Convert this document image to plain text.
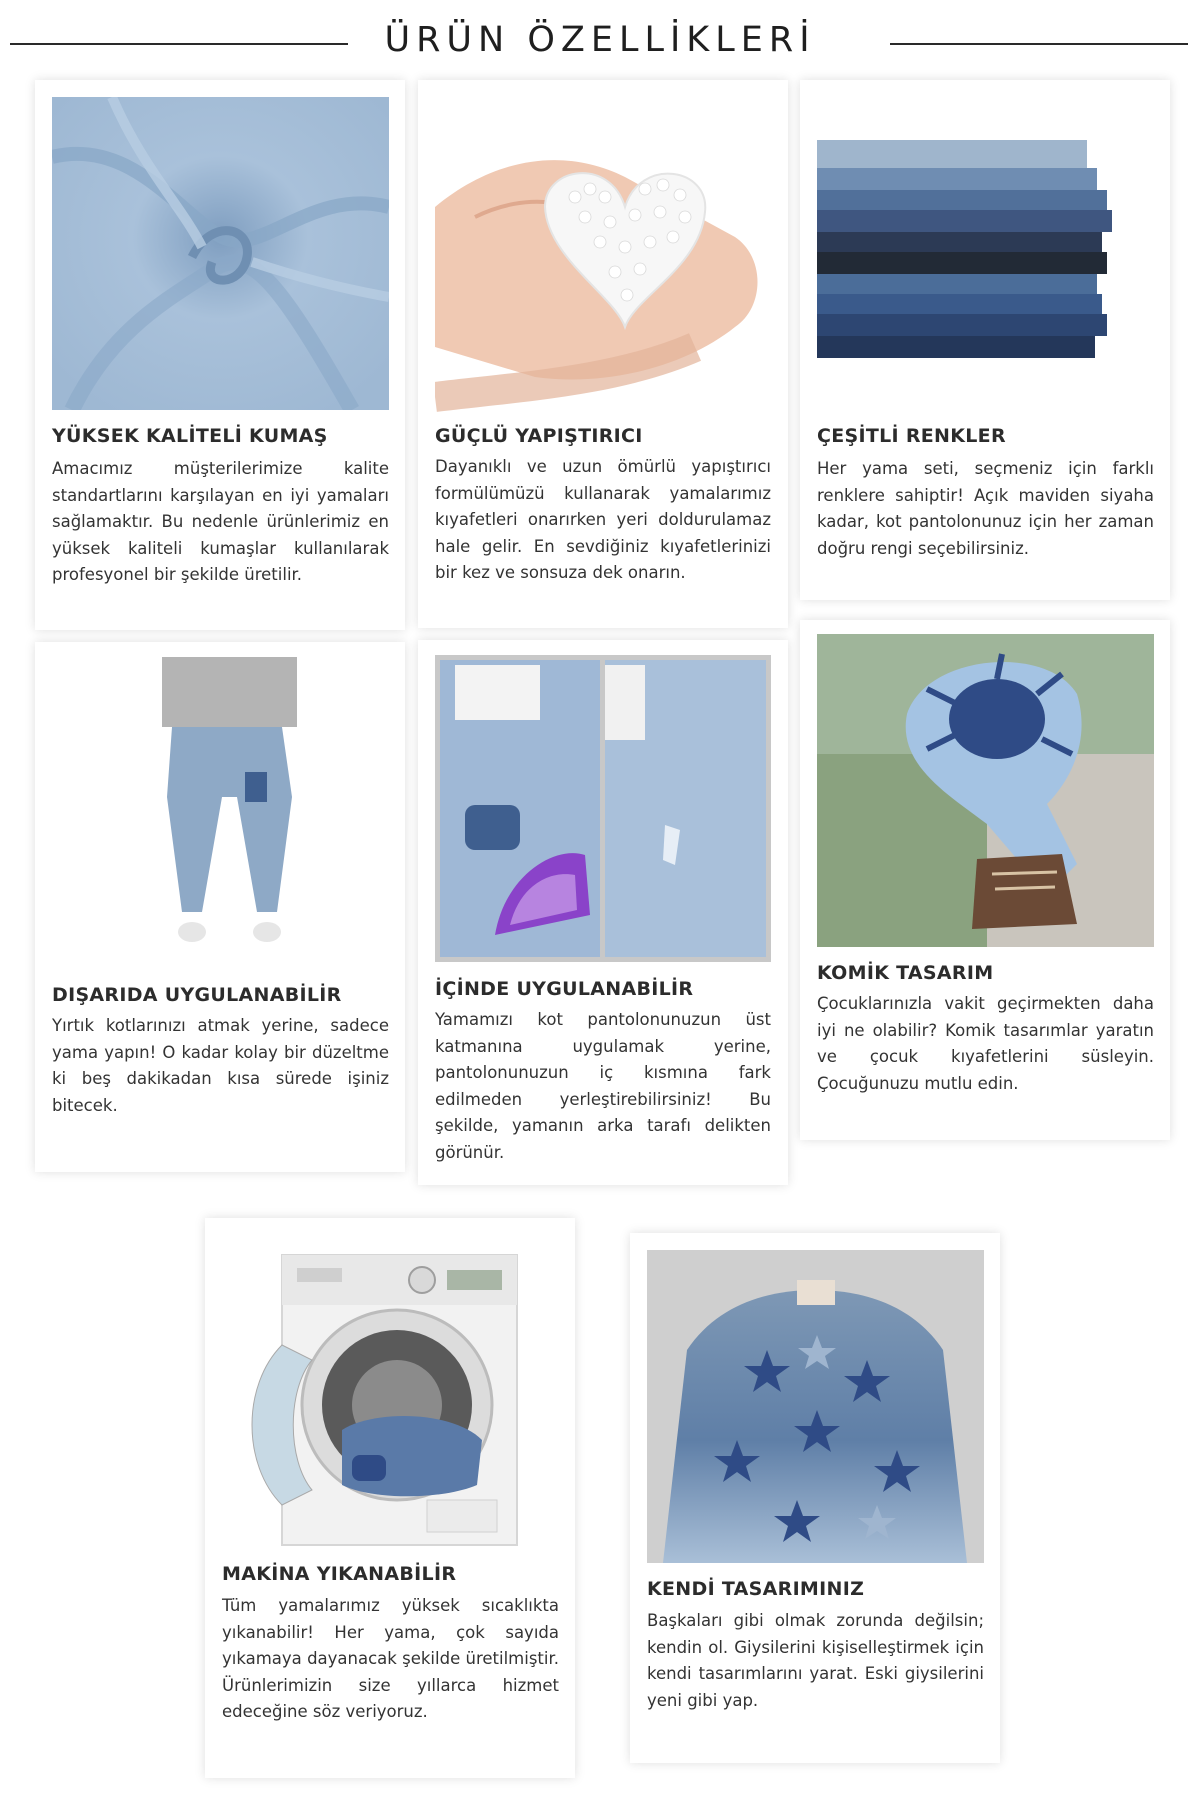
ÜRÜN ÖZELLİKLERİ
YÜKSEK KALİTELİ KUMAŞ

Amacımız müşterilerimize kalite standartlarını karşılayan en iyi yamaları sağlamaktır. Bu nedenle ürünlerimiz en yüksek kaliteli kumaşlar kullanılarak profesyonel bir şekilde üretilir.

GÜÇLÜ YAPIŞTIRICI

Dayanıklı ve uzun ömürlü yapıştırıcı formülümüzü kullanarak yamalarımız kıyafetleri onarırken yeri doldurulamaz hale gelir. En sevdiğiniz kıyafetlerinizi bir kez ve sonsuza dek onarın.

ÇEŞİTLİ RENKLER

Her yama seti, seçmeniz için farklı renklere sahiptir! Açık maviden siyaha kadar, kot pantolonunuz için her zaman doğru rengi seçebilirsiniz.

DIŞARIDA UYGULANABİLİR

Yırtık kotlarınızı atmak yerine, sadece yama yapın! O kadar kolay bir düzeltme ki beş dakikadan kısa sürede işiniz bitecek.

İÇİNDE UYGULANABİLİR

Yamamızı kot pantolonunuzun üst katmanına uygulamak yerine, pantolonunuzun iç kısmına fark edilmeden yerleştirebilirsiniz! Bu şekilde, yamanın arka tarafı delikten görünür.

KOMİK TASARIM

Çocuklarınızla vakit geçirmekten daha iyi ne olabilir? Komik tasarımlar yaratın ve çocuk kıyafetlerini süsleyin. Çocuğunuzu mutlu edin.

MAKİNA YIKANABİLİR

Tüm yamalarımız yüksek sıcaklıkta yıkanabilir! Her yama, çok sayıda yıkamaya dayanacak şekilde üretilmiştir. Ürünlerimizin size yıllarca hizmet edeceğine söz veriyoruz.

KENDİ TASARIMINIZ

Başkaları gibi olmak zorunda değilsin; kendin ol. Giysilerini kişiselleştirmek için kendi tasarımlarını yarat. Eski giysilerini yeni gibi yap.
